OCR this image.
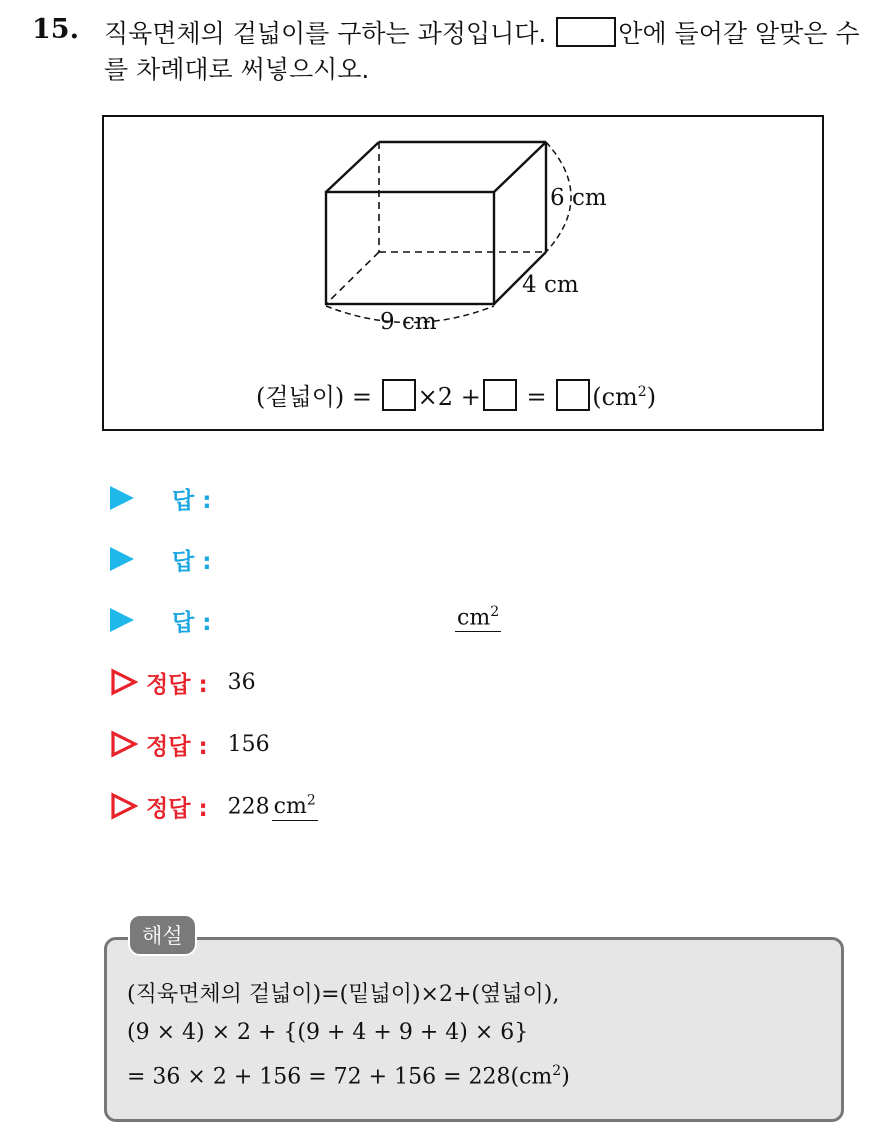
15. 직육면체의 겉넓이를 구하는 과정입니다.	안에 들어갈 알맞은 수를 차례대로 써넣으시오.
6 cm
4 cm
9 cm
(겉넓이) = ×2 + = $(cm^2)$
답 :
답 :
답 :	$cm^2$
정답 : 36
정답 : 156
정답 : 228 $cm^2$
해설
(직육면체의 겉넓이)=(밑넓이)×2+(옆넓이),
(9 × 4) × 2 + {(9 + 4 + 9 + 4) × 6}
= $36 \times 2 + 156 = 72 + 156 = 228(cm^2)$
